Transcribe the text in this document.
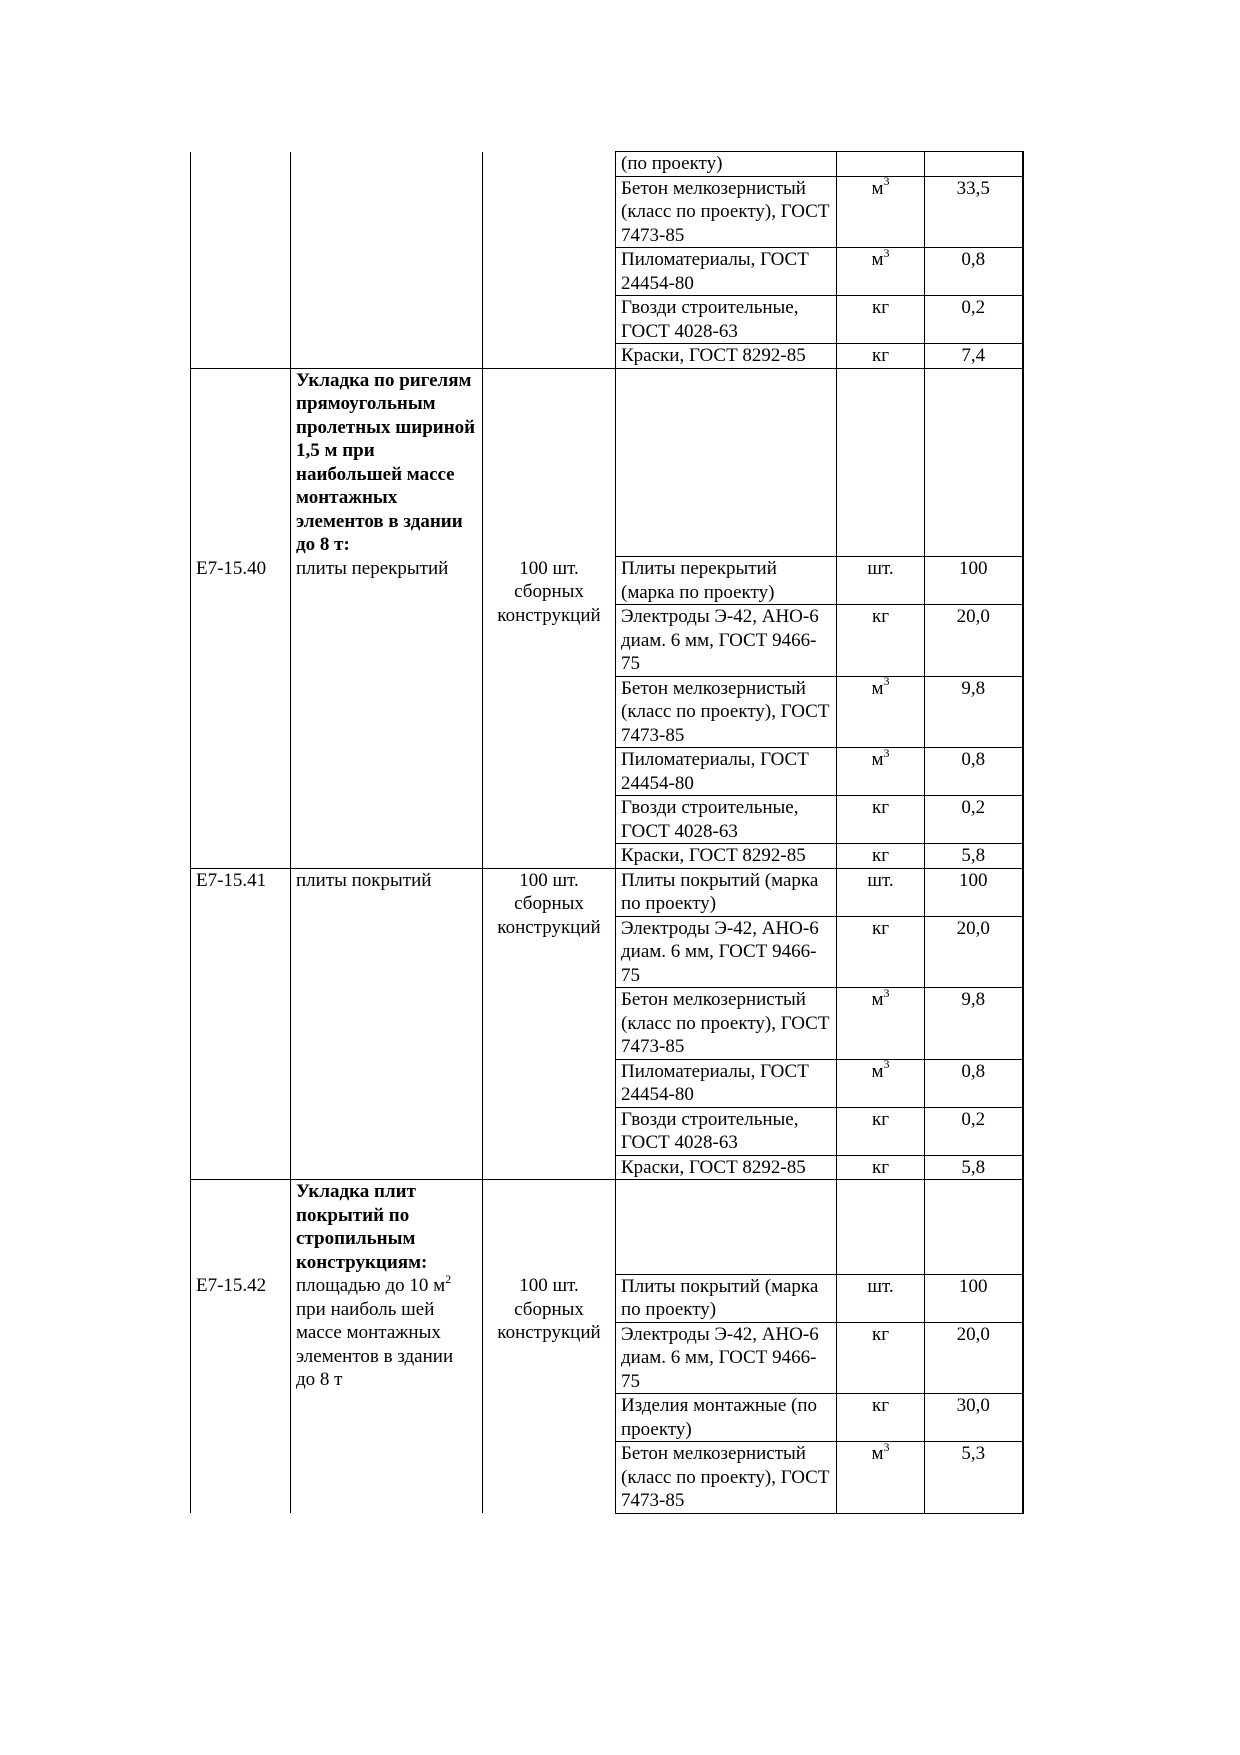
			(по проекту)		
			Бетон мелкозернистый (класс по проекту), ГОСТ 7473-85	$м^3$	33,5
			Пиломатериалы, ГОСТ 24454-80	$м^3$	0,8
			Гвозди строительные, ГОСТ 4028-63	кг	0,2
			Краски, ГОСТ 8292-85	кг	7,4
	Укладка по ригелям прямоугольным пролетных шириной 1,5 м при наибольшей массе монтажных элементов в здании до 8 т:				
Е7-15.40	плиты перекрытий	100 шт. сборных конструкций	Плиты перекрытий (марка по проекту)	шт.	100
			Электроды Э-42, АНО-6 диам. 6 мм, ГОСТ 9466-75	кг	20,0
			Бетон мелкозернистый (класс по проекту), ГОСТ 7473-85	$м^3$	9,8
			Пиломатериалы, ГОСТ 24454-80	$м^3$	0,8
			Гвозди строительные, ГОСТ 4028-63	кг	0,2
			Краски, ГОСТ 8292-85	кг	5,8
Е7-15.41	плиты покрытий	100 шт. сборных конструкций	Плиты покрытий (марка по проекту)	шт.	100
			Электроды Э-42, АНО-6 диам. 6 мм, ГОСТ 9466-75	кг	20,0
			Бетон мелкозернистый (класс по проекту), ГОСТ 7473-85	$м^3$	9,8
			Пиломатериалы, ГОСТ 24454-80	$м^3$	0,8
			Гвозди строительные, ГОСТ 4028-63	кг	0,2
			Краски, ГОСТ 8292-85	кг	5,8
	Укладка плит покрытий по стропильным конструкциям:				
Е7-15.42	площадью до 10 $м^2$ при наиболь шей массе монтажных элементов в здании до 8 т	100 шт. сборных конструкций	Плиты покрытий (марка по проекту)	шт.	100
			Электроды Э-42, АНО-6 диам. 6 мм, ГОСТ 9466-75	кг	20,0
			Изделия монтажные (по проекту)	кг	30,0
			Бетон мелкозернистый (класс по проекту), ГОСТ 7473-85	$м^3$	5,3
